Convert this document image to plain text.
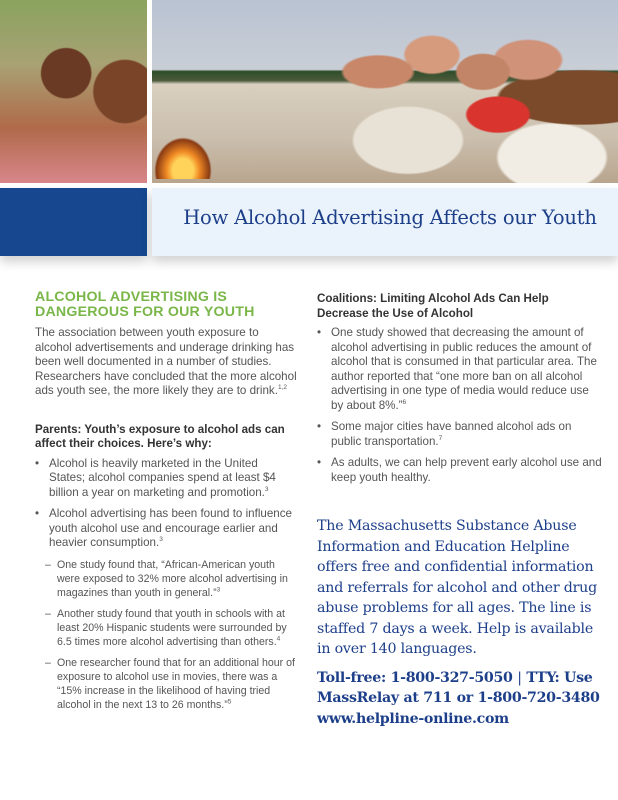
How Alcohol Advertising Affects our Youth
ALCOHOL ADVERTISING IS DANGEROUS FOR OUR YOUTH

The association between youth exposure to alcohol advertisements and underage drinking has been well documented in a number of studies. Researchers have concluded that the more alcohol ads youth see, the more likely they are to drink.$^{1,2}$

Parents: Youth’s exposure to alcohol ads can affect their choices. Here’s why:

• Alcohol is heavily marketed in the United States; alcohol companies spend at least $4 billion a year on marketing and promotion.$^3$
• Alcohol advertising has been found to influence youth alcohol use and encourage earlier and heavier consumption.$^3$
– One study found that, “African-American youth were exposed to 32% more alcohol advertising in magazines than youth in general.”$^3$
– Another study found that youth in schools with at least 20% Hispanic students were surrounded by 6.5 times more alcohol advertising than others.$^4$
– One researcher found that for an additional hour of exposure to alcohol use in movies, there was a “15% increase in the likelihood of having tried alcohol in the next 13 to 26 months.”$^5$

Coalitions: Limiting Alcohol Ads Can Help Decrease the Use of Alcohol

• One study showed that decreasing the amount of alcohol advertising in public reduces the amount of alcohol that is consumed in that particular area. The author reported that “one more ban on all alcohol advertising in one type of media would reduce use by about 8%.”$^6$
• Some major cities have banned alcohol ads on public transportation.$^7$
• As adults, we can help prevent early alcohol use and keep youth healthy.

The Massachusetts Substance Abuse Information and Education Helpline offers free and confidential information and referrals for alcohol and other drug abuse problems for all ages. The line is staffed 7 days a week. Help is available in over 140 languages.

Toll-free: 1-800-327-5050 | TTY: Use MassRelay at 711 or 1-800-720-3480
www.helpline-online.com
